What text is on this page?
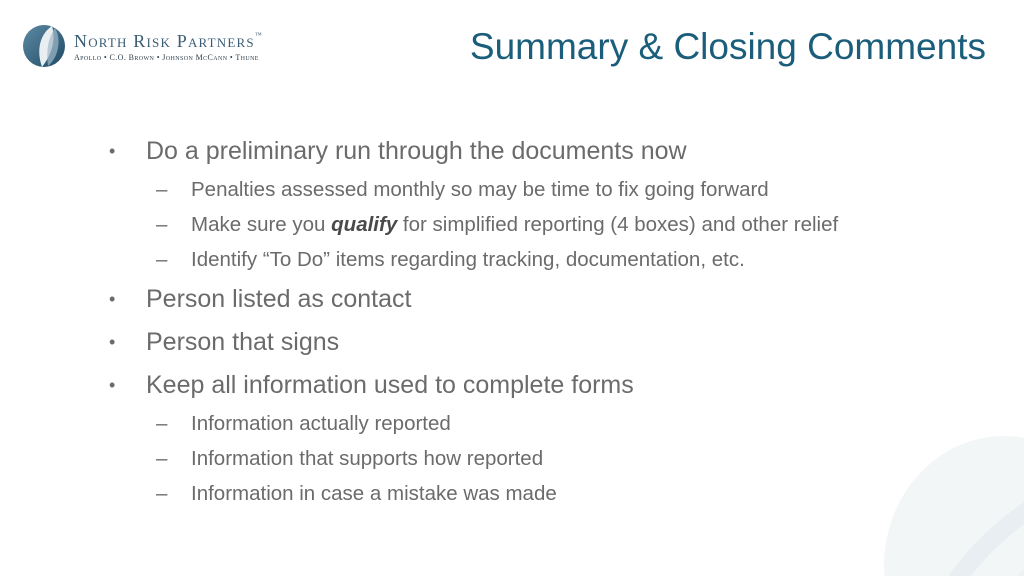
North Risk Partners™
Apollo • C.O. Brown • Johnson McCann • Thune	Summary & Closing Comments
• Do a preliminary run through the documents now
– Penalties assessed monthly so may be time to fix going forward
– Make sure you qualify for simplified reporting (4 boxes) and other relief
– Identify “To Do” items regarding tracking, documentation, etc.
• Person listed as contact
• Person that signs
• Keep all information used to complete forms
– Information actually reported
– Information that supports how reported
– Information in case a mistake was made
